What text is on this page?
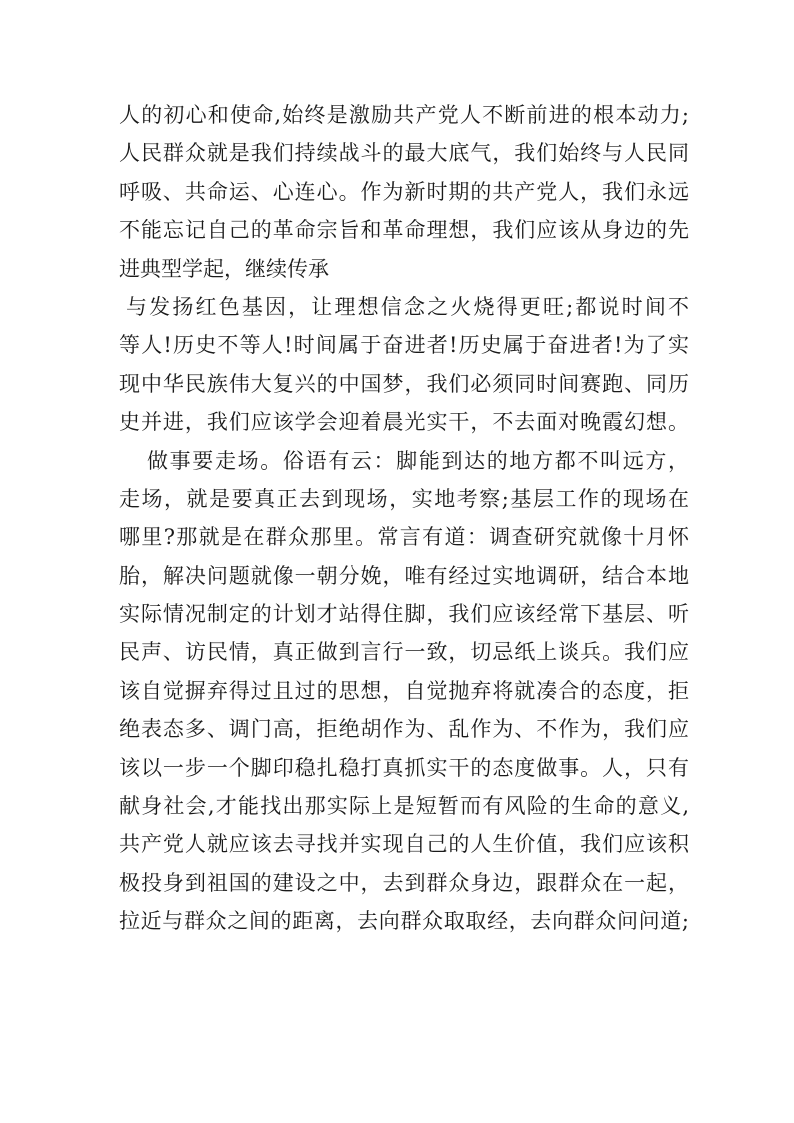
人的初心和使命,始终是激励共产党人不断前进的根本动力;
人民群众就是我们持续战斗的最大底气，我们始终与人民同
呼吸、共命运、心连心。作为新时期的共产党人，我们永远
不能忘记自己的革命宗旨和革命理想，我们应该从身边的先
进典型学起，继续传承
与发扬红色基因，让理想信念之火烧得更旺;都说时间不
等人!历史不等人!时间属于奋进者!历史属于奋进者!为了实
现中华民族伟大复兴的中国梦，我们必须同时间赛跑、同历
史并进，我们应该学会迎着晨光实干，不去面对晚霞幻想。
做事要走场。俗语有云：脚能到达的地方都不叫远方，
走场，就是要真正去到现场，实地考察;基层工作的现场在
哪里?那就是在群众那里。常言有道：调查研究就像十月怀
胎，解决问题就像一朝分娩，唯有经过实地调研，结合本地
实际情况制定的计划才站得住脚，我们应该经常下基层、听
民声、访民情，真正做到言行一致，切忌纸上谈兵。我们应
该自觉摒弃得过且过的思想，自觉抛弃将就凑合的态度，拒
绝表态多、调门高，拒绝胡作为、乱作为、不作为，我们应
该以一步一个脚印稳扎稳打真抓实干的态度做事。人，只有
献身社会,才能找出那实际上是短暂而有风险的生命的意义,
共产党人就应该去寻找并实现自己的人生价值，我们应该积
极投身到祖国的建设之中，去到群众身边，跟群众在一起，
拉近与群众之间的距离，去向群众取取经，去向群众问问道;
